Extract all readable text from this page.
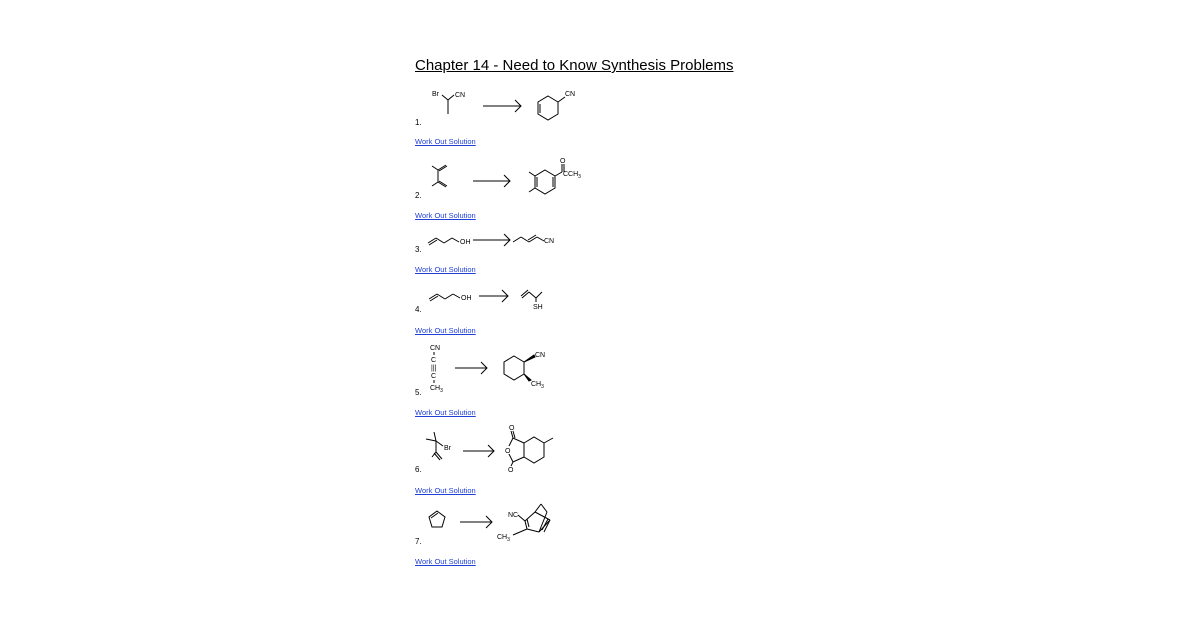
Chapter 14 - Need to Know Synthesis Problems
Br CN	CN
1.
Work Out Solution
O
$CCH_3$
2.
Work Out Solution
OH	CN
3.
Work Out Solution
OH
SH
4.
Work Out Solution
CN
C
|||
C
$CH_3$
CN
$CH_3$
5.
Work Out Solution
Br
O
O
O
6.
Work Out Solution
NC
$CH_3$
7.
Work Out Solution
